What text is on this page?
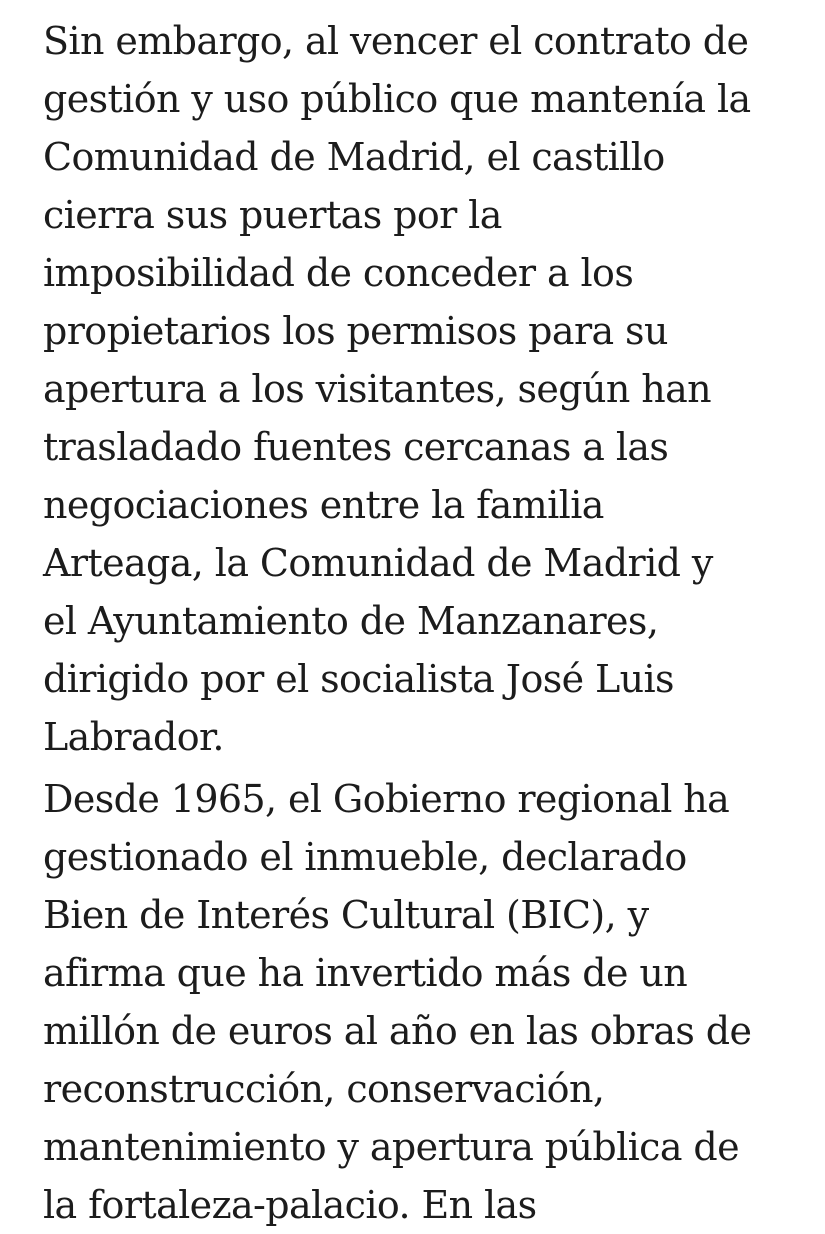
Sin embargo, al vencer el contrato de
gestión y uso público que mantenía la
Comunidad de Madrid, el castillo
cierra sus puertas por la
imposibilidad de conceder a los
propietarios los permisos para su
apertura a los visitantes, según han
trasladado fuentes cercanas a las
negociaciones entre la familia
Arteaga, la Comunidad de Madrid y
el Ayuntamiento de Manzanares,
dirigido por el socialista José Luis
Labrador.
Desde 1965, el Gobierno regional ha
gestionado el inmueble, declarado
Bien de Interés Cultural (BIC), y
afirma que ha invertido más de un
millón de euros al año en las obras de
reconstrucción, conservación,
mantenimiento y apertura pública de
la fortaleza-palacio. En las
